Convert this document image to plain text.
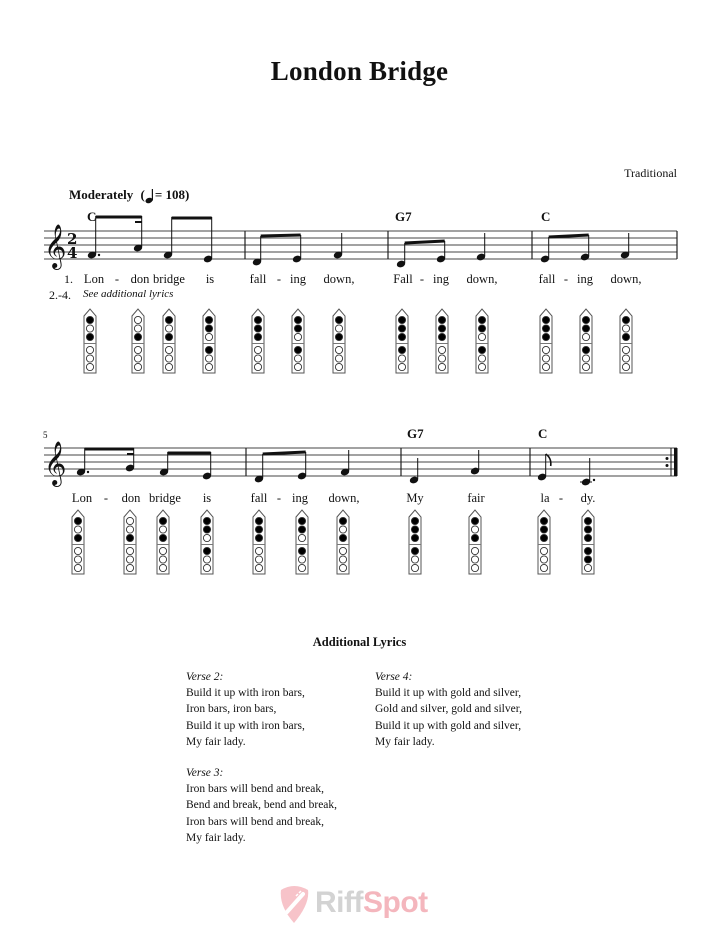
London Bridge
Traditional
Moderately ( = 108)
𝄞 2
4
𝄞
C	G7	C
1.
2.-4. See additional lyrics
Lon - don bridge is	fall - ing down,	Fall - ing down,	fall - ing down,
5	G7	C
Lon - don bridge is	fall - ing down,	My	fair	la - dy.
Additional Lyrics
Verse 2:
Build it up with iron bars,
Iron bars, iron bars,
Build it up with iron bars,
My fair lady.
Verse 3:
Iron bars will bend and break,
Bend and break, bend and break,
Iron bars will bend and break,
My fair lady.
Verse 4:
Build it up with gold and silver,
Gold and silver, gold and silver,
Build it up with gold and silver,
My fair lady.
RiffSpot
